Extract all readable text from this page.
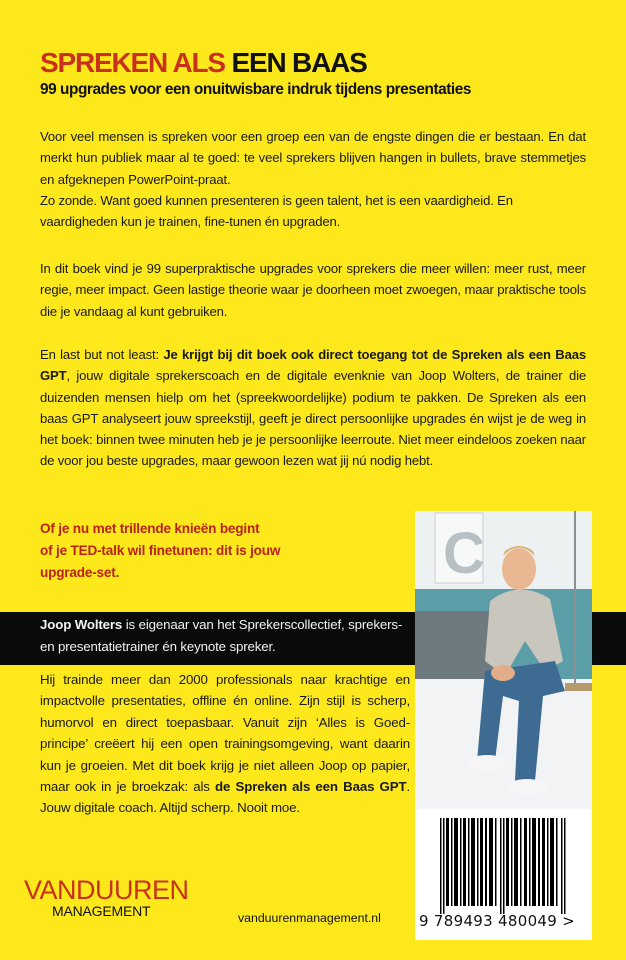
SPREKEN ALS EEN BAAS
99 upgrades voor een onuitwisbare indruk tijdens presentaties

Voor veel mensen is spreken voor een groep een van de engste dingen die er bestaan. En dat merkt hun publiek maar al te goed: te veel sprekers blijven hangen in bullets, brave stemmetjes en afgeknepen PowerPoint-praat.

Zo zonde. Want goed kunnen presenteren is geen talent, het is een vaardigheid. En vaardigheden kun je trainen, fine-tunen én upgraden.

In dit boek vind je 99 superpraktische upgrades voor sprekers die meer willen: meer rust, meer regie, meer impact. Geen lastige theorie waar je doorheen moet zwoegen, maar praktische tools die je vandaag al kunt gebruiken.

En last but not least: Je krijgt bij dit boek ook direct toegang tot de Spreken als een Baas GPT, jouw digitale sprekerscoach en de digitale evenknie van Joop Wolters, de trainer die duizenden mensen hielp om het (spreekwoordelijke) podium te pakken. De Spreken als een baas GPT analyseert jouw spreekstijl, geeft je direct persoonlijke upgrades én wijst je de weg in het boek: binnen twee minuten heb je je persoonlijke leerroute. Niet meer eindeloos zoeken naar de voor jou beste upgrades, maar gewoon lezen wat jij nú nodig hebt.

Of je nu met trillende knieën begint
of je TED-talk wil finetunen: dit is jouw
upgrade-set.
Joop Wolters is eigenaar van het Sprekerscollectief, sprekers- en presentatietrainer én keynote spreker.
Hij trainde meer dan 2000 professionals naar krachtige en impactvolle presentaties, offline én online. Zijn stijl is scherp, humorvol en direct toepasbaar. Vanuit zijn ‘Alles is Goed-principe’ creëert hij een open trainingsomgeving, want daarin kun je groeien. Met dit boek krijg je niet alleen Joop op papier, maar ook in je broekzak: als de Spreken als een Baas GPT. Jouw digitale coach. Altijd scherp. Nooit moe.
C
9 789493 480049 >
VANDUUREN
MANAGEMENT	vanduurenmanagement.nl
